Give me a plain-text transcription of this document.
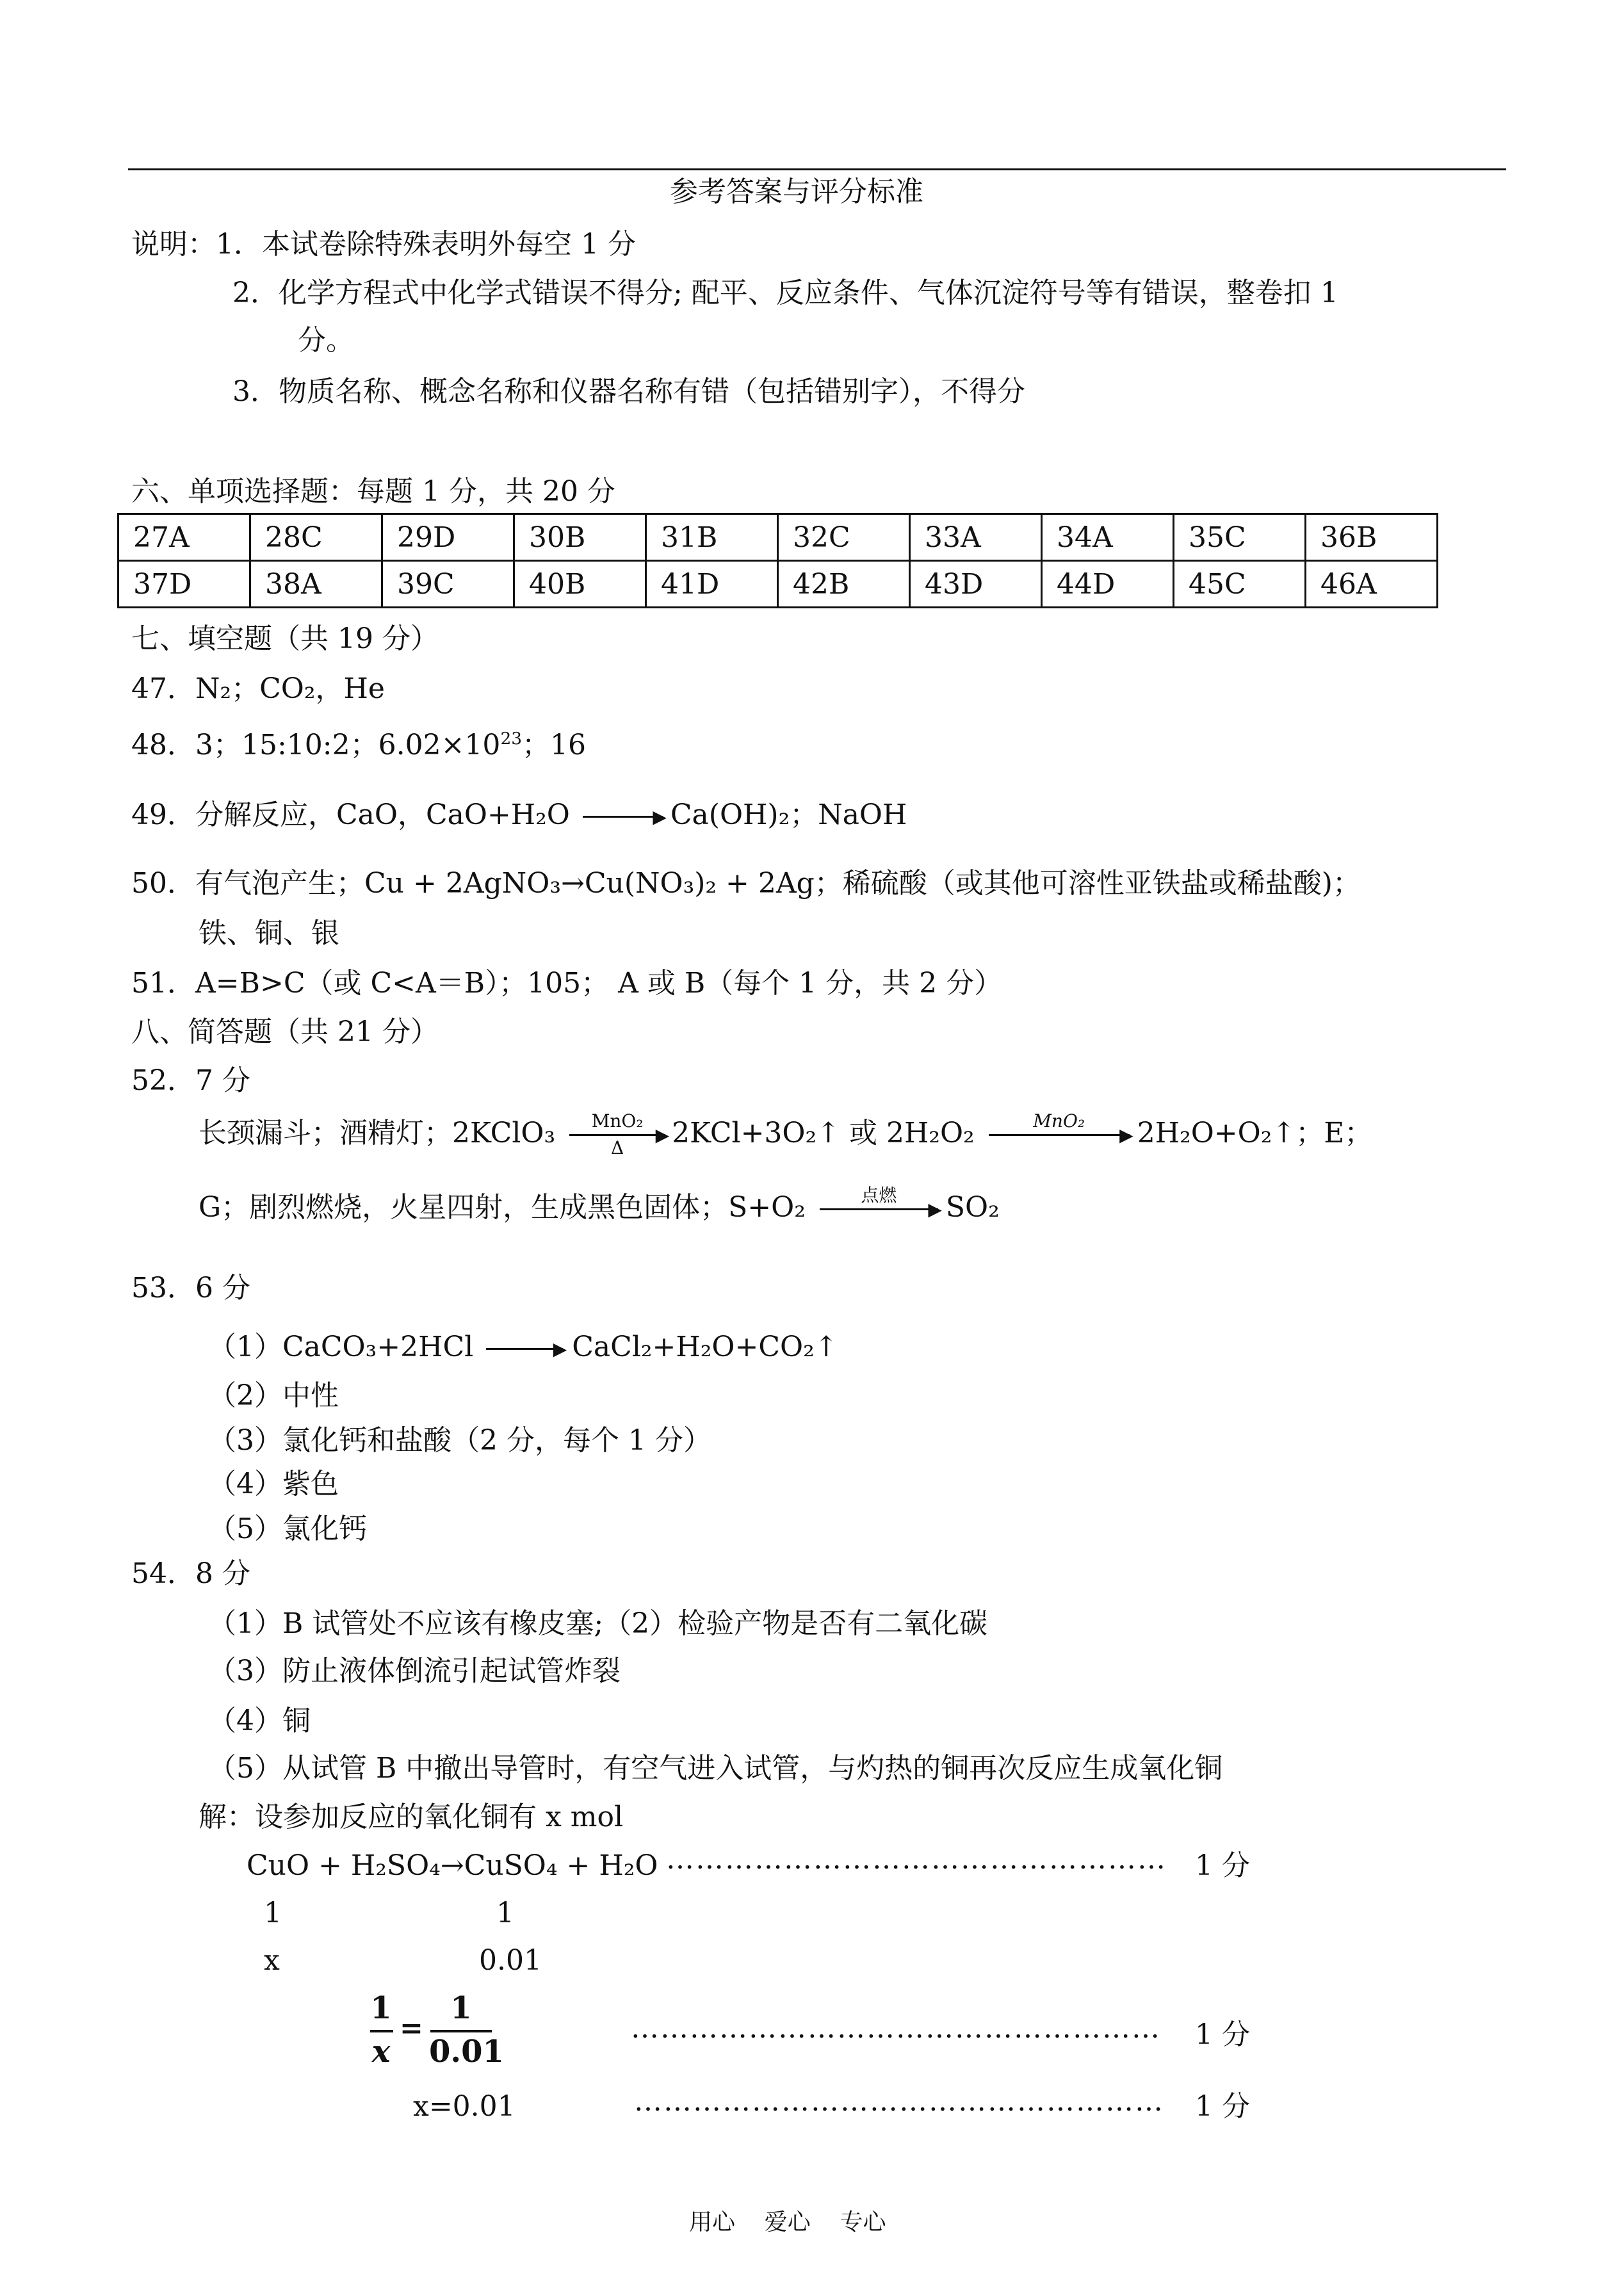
参考答案与评分标准
说明：1．本试卷除特殊表明外每空 1 分
2．化学方程式中化学式错误不得分; 配平、反应条件、气体沉淀符号等有错误，整卷扣 1
分。
3．物质名称、概念名称和仪器名称有错（包括错别字），不得分
六、单项选择题：每题 1 分，共 20 分
27A	28C	29D	30B	31B	32C	33A	34A	35C	36B
37D	38A	39C	40B	41D	42B	43D	44D	45C	46A
七、填空题（共 19 分）
47．N₂；CO₂，He
48．3；15:10:2；$6.02\times 10^{23}$；16
49．分解反应，CaO，CaO+H₂O	▶ Ca(OH)₂；NaOH
50．有气泡产生；Cu + 2AgNO₃→Cu(NO₃)₂ + 2Ag；稀硫酸（或其他可溶性亚铁盐或稀盐酸)；
铁、铜、银
51．A=B>C（或 C<A＝B）；105； A 或 B（每个 1 分，共 2 分）
八、简答题（共 21 分）
52．7 分
长颈漏斗；酒精灯；2KClO₃	MnO₂
▶
Δ	2KCl+3O₂↑ 或 2H₂O₂	MnO₂
▶ 2H₂O+O₂↑；E；
G；剧烈燃烧，火星四射，生成黑色固体；S+O₂	点燃
▶ SO₂
53．6 分
（1）CaCO₃+2HCl	▶ CaCl₂+H₂O+CO₂↑
（2）中性
（3）氯化钙和盐酸（2 分，每个 1 分）
（4）紫色
（5）氯化钙
54．8 分
（1）B 试管处不应该有橡皮塞;（2）检验产物是否有二氧化碳
（3）防止液体倒流引起试管炸裂
（4）铜
（5）从试管 B 中撤出导管时，有空气进入试管，与灼热的铜再次反应生成氧化铜
解：设参加反应的氧化铜有 x mol
CuO + H₂SO₄→CuSO₄ + H₂O …………………………………………… 1 分
1	1
x	0.01
1
x
=
1
0.01
……………………………………………… 1 分
x=0.01	……………………………………………… 1 分
用心    爱心    专心
